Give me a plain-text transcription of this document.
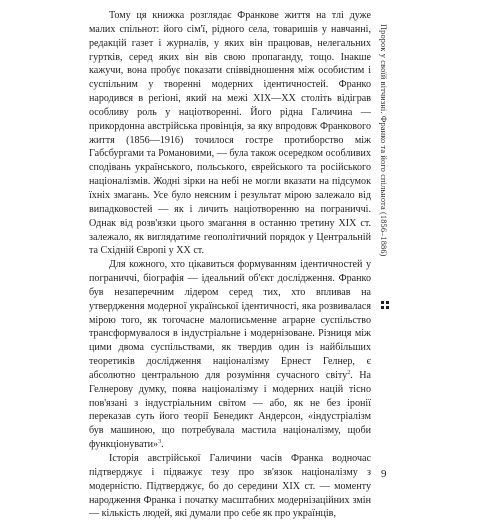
Тому ця книжка розглядає Франкове життя на тлі дуже малих спільнот: його сім'ї, рідного села, товаришів у навчанні, редакцій газет і журналів, у яких він працював, нелегальних гуртків, серед яких він вів свою пропаганду, тощо. Інакше кажучи, вона пробує показати співвідношення між особистим і суспільним у творенні модерних ідентичностей. Франко народився в регіоні, який на межі XIX—XX століть відіграв особливу роль у націотворенні. Його рідна Галичина — прикордонна австрійська провінція, за яку впродовж Франкового життя (1856—1916) точилося гостре протиборство між Габсбургами та Романовими, — була також осередком особливих сподівань українського, польського, єврейського та російського націоналізмів. Жодні зірки на небі не могли вказати на підсумок їхніх змагань. Усе було неясним і результат мірою залежало від випадковостей — як і личить націотворенню на пограниччі. Однак від розв'язки цього змагання в останню третину XIX ст. залежало, як виглядатиме геополітичний порядок у Центральній та Східній Європі у XX ст.

Для кожного, хто цікавиться формуванням ідентичностей у пограниччі, біографія — ідеальний об'єкт дослідження. Франко був незаперечним лідером серед тих, хто впливав на утвердження модерної української ідентичності, яка розвивалася мірою того, як тогочасне малописьменне аграрне суспільство трансформувалося в індустріальне і модернізоване. Різниця між цими двома суспільствами, як твердив один із найбільших теоретиків дослідження націоналізму Ернест Гелнер, є абсолютно центральною для розуміння сучасного світу$^2$. На Гелнерову думку, поява націоналізму і модерних націй тісно пов'язані з індустріальним світом — або, як не без іронії переказав суть його теорії Бенедикт Андерсон, «індустріалізм був машиною, що потребувала мастила націоналізму, щоби функціонувати»$^3$.

Історія австрійської Галичини часів Франка водночас підтверджує і підважує тезу про зв'язок націоналізму з модерністю. Підтверджує, бо до середини XIX ст. — моменту народження Франка і початку масштабних модернізаційних змін — кількість людей, які думали про себе як про українців,

Пророк у своїй вітчизні. Франко та його спільнота (1856–1886)
9
